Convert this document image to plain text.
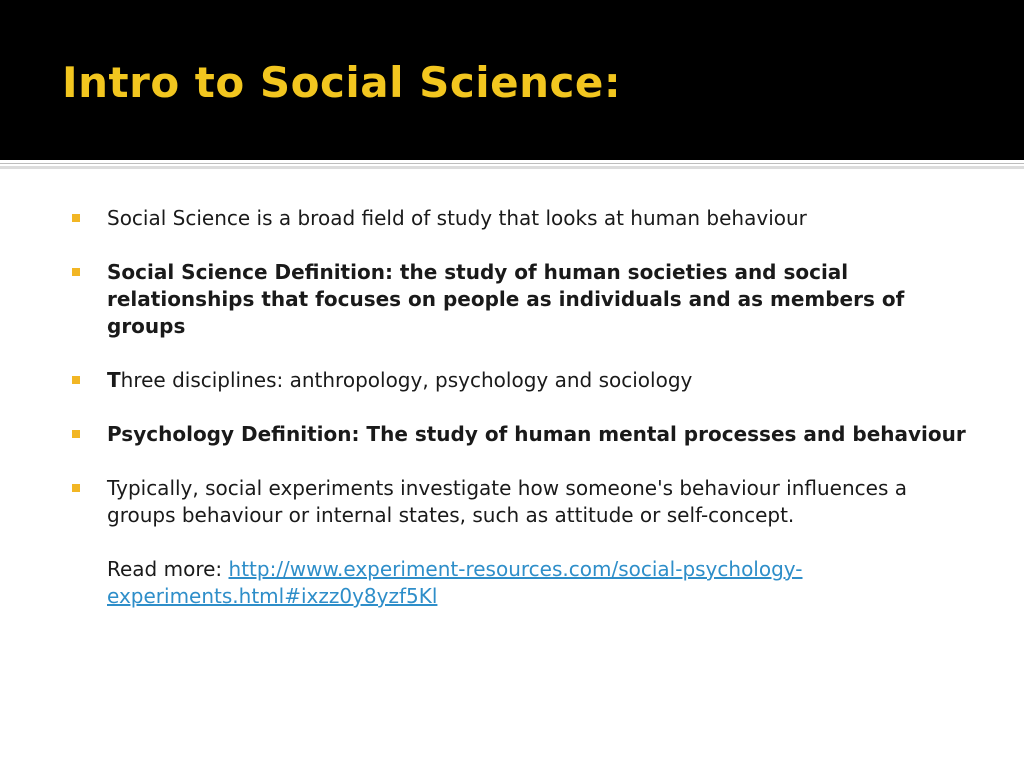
Intro to Social Science:
Social Science is a broad field of study that looks at human behaviour
Social Science Definition: the study of human societies and social relationships that focuses on people as individuals and as members of groups
Three disciplines: anthropology, psychology and sociology
Psychology Definition: The study of human mental processes and behaviour
Typically, social experiments investigate how someone's behaviour influences a groups behaviour or internal states, such as attitude or self-concept.
Read more: http://www.experiment-resources.com/social-psychology-experiments.html#ixzz0y8yzf5Kl
